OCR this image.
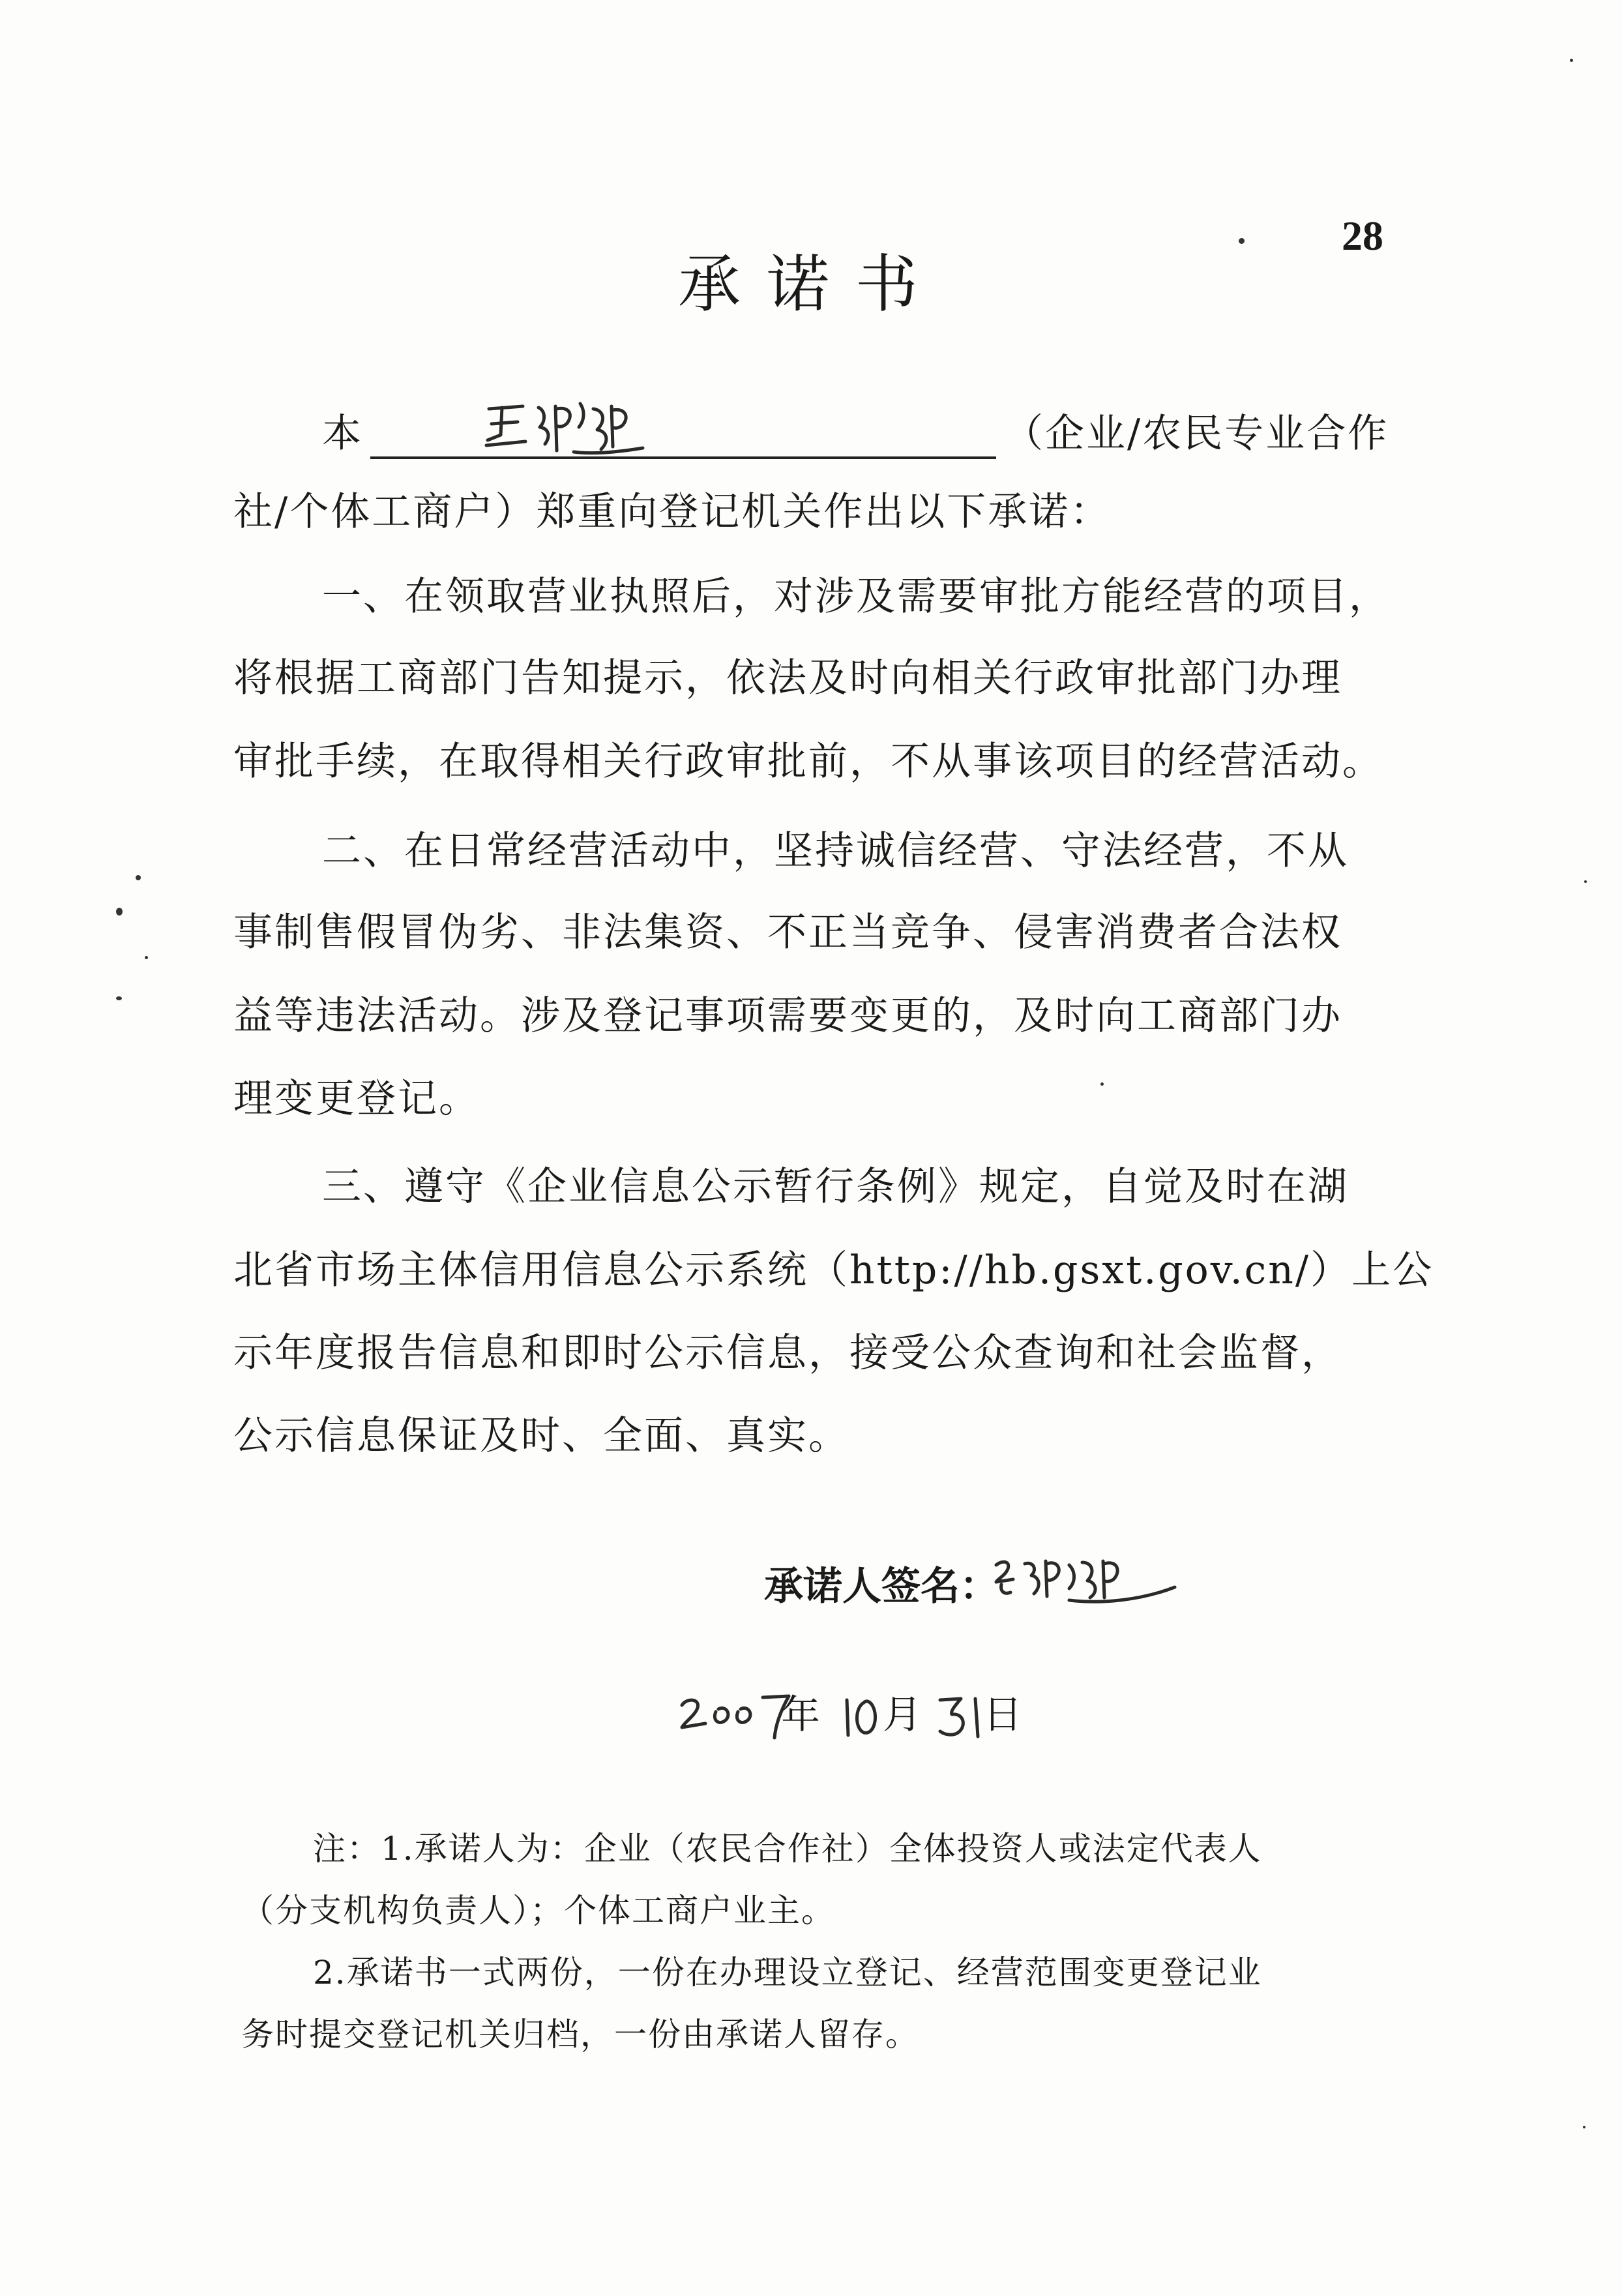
28
承诺书
本	（企业/农民专业合作
社/个体工商户）郑重向登记机关作出以下承诺：
一、在领取营业执照后，对涉及需要审批方能经营的项目，
将根据工商部门告知提示，依法及时向相关行政审批部门办理
审批手续，在取得相关行政审批前，不从事该项目的经营活动。
二、在日常经营活动中，坚持诚信经营、守法经营，不从
事制售假冒伪劣、非法集资、不正当竞争、侵害消费者合法权
益等违法活动。涉及登记事项需要变更的，及时向工商部门办
理变更登记。
三、遵守《企业信息公示暂行条例》规定，自觉及时在湖
北省市场主体信用信息公示系统（http://hb.gsxt.gov.cn/）上公
示年度报告信息和即时公示信息，接受公众查询和社会监督，
公示信息保证及时、全面、真实。
承诺人签名：
年 月 日
注：1.承诺人为：企业（农民合作社）全体投资人或法定代表人
（分支机构负责人）；个体工商户业主。
2.承诺书一式两份，一份在办理设立登记、经营范围变更登记业
务时提交登记机关归档，一份由承诺人留存。
